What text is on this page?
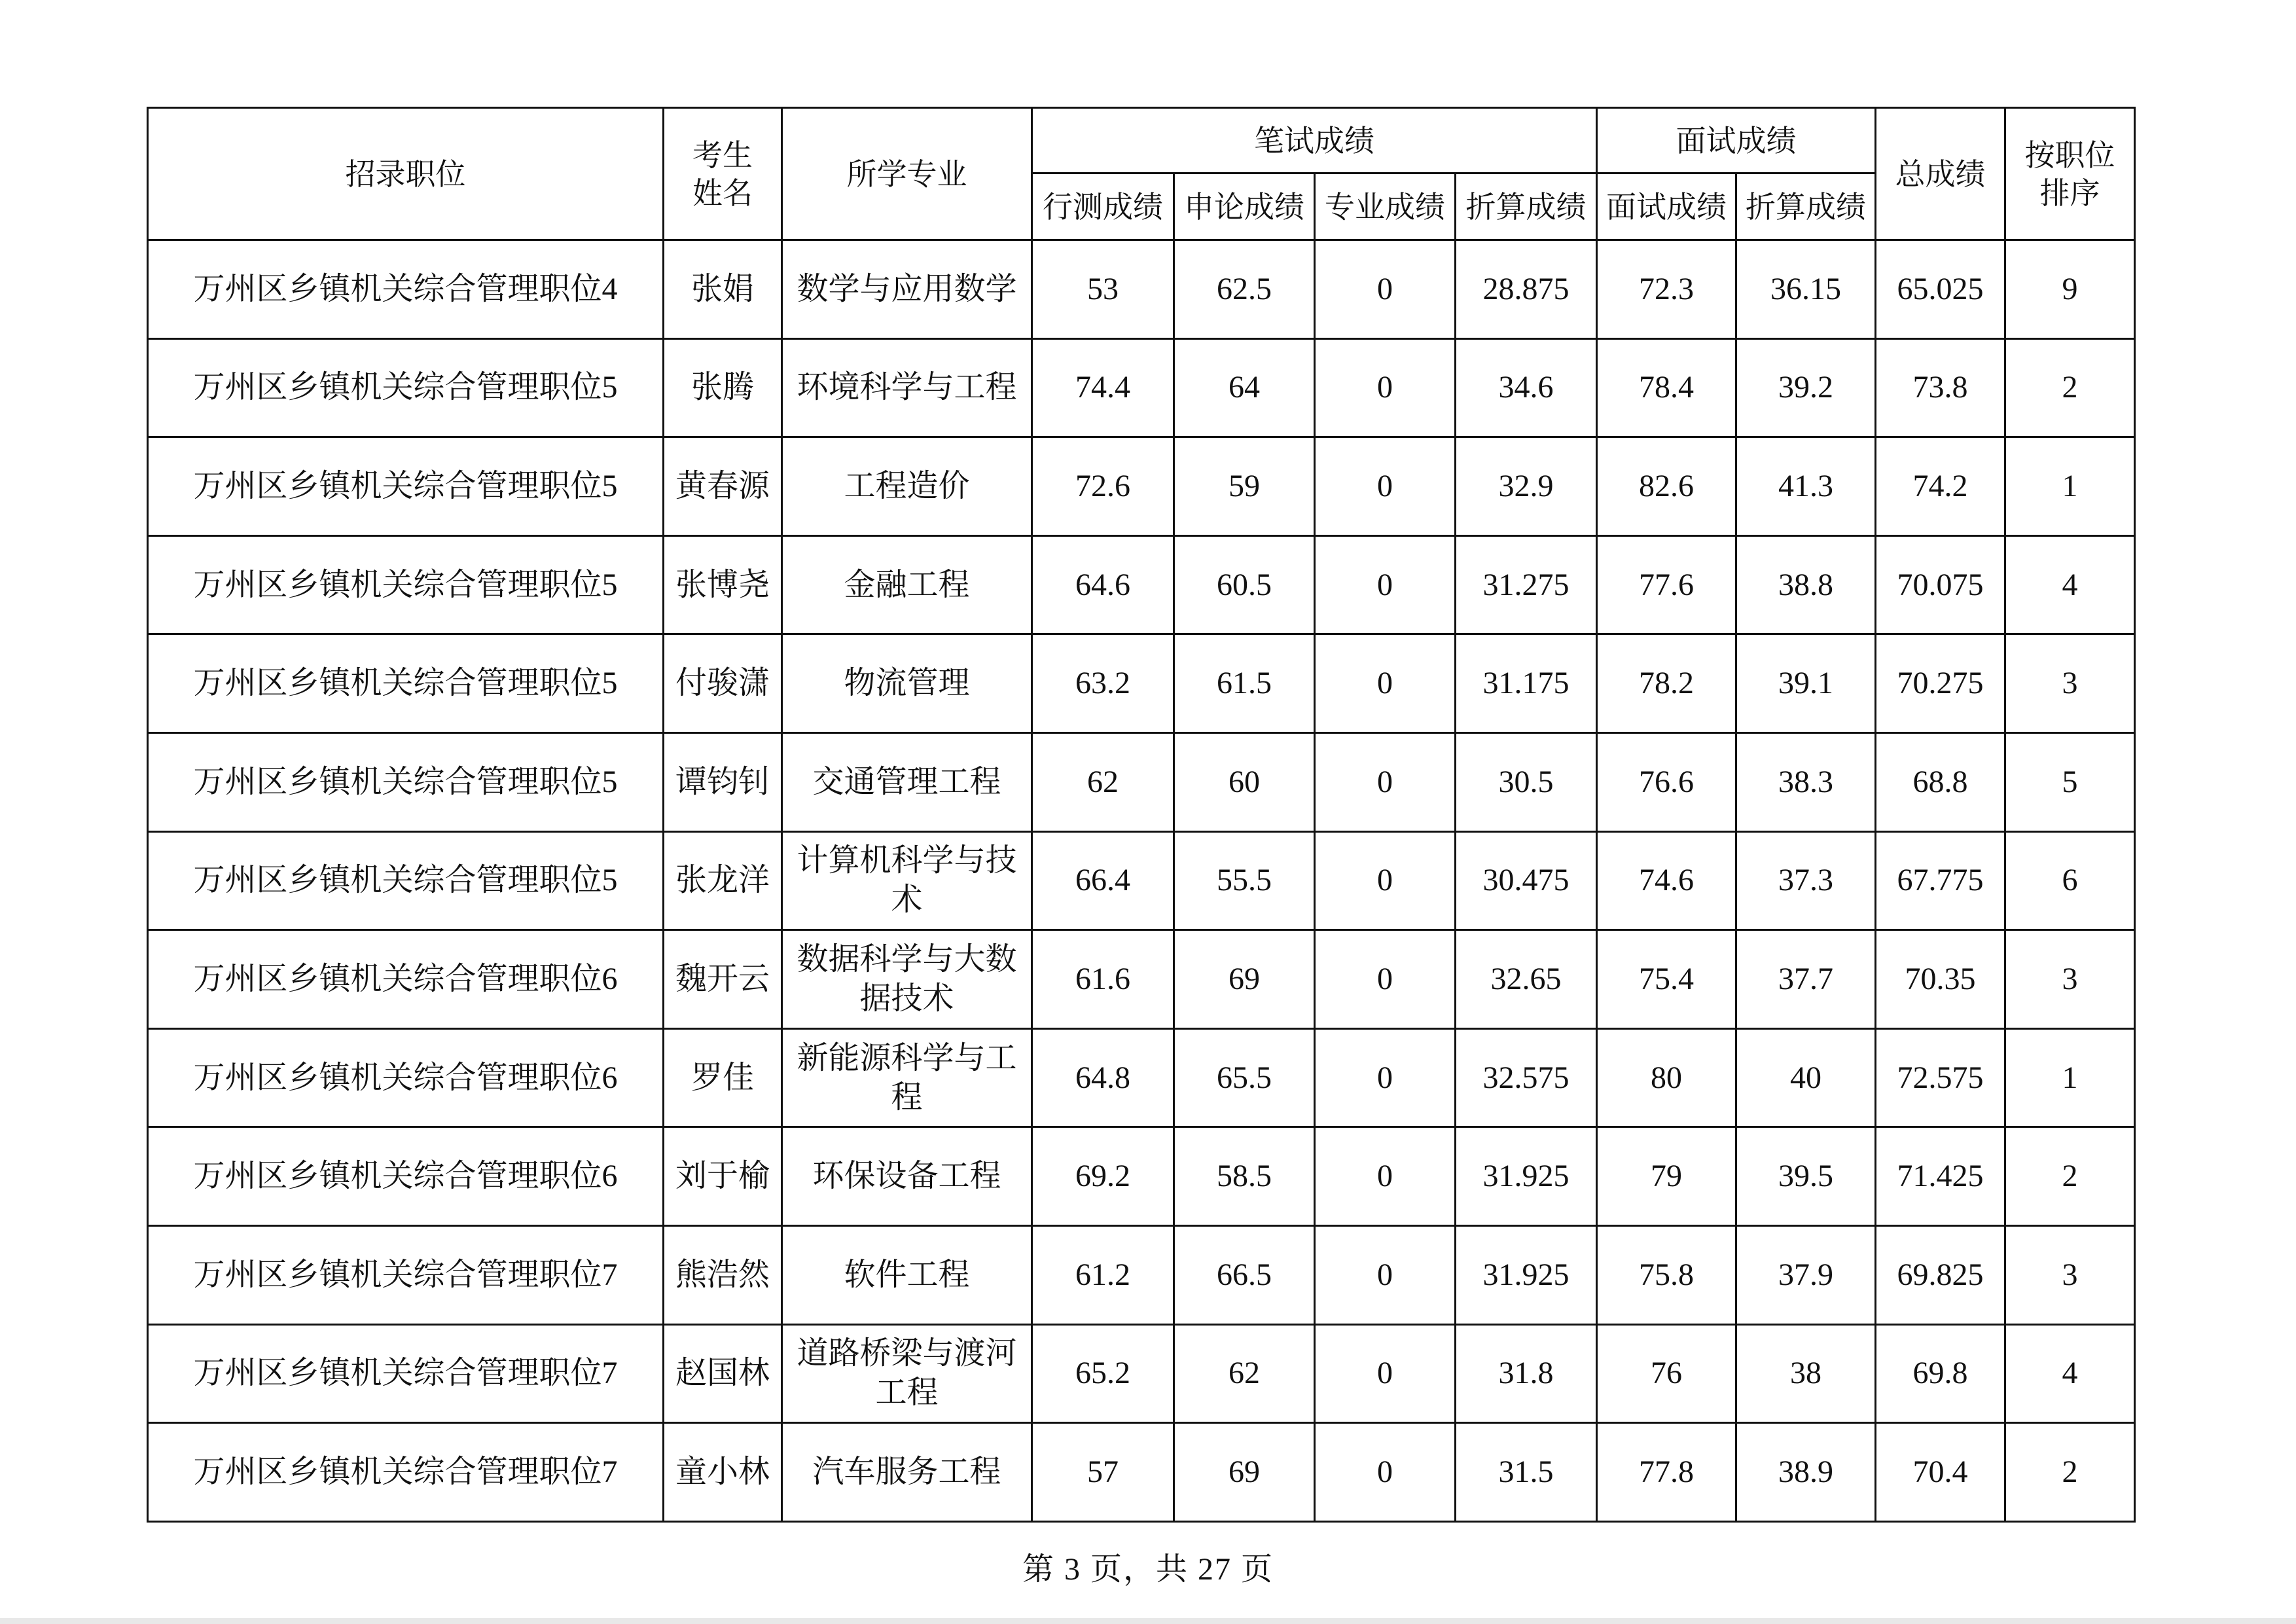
招录职位	考生姓名	所学专业	笔试成绩				面试成绩		总成绩	按职位排序
			行测成绩	申论成绩	专业成绩	折算成绩	面试成绩	折算成绩		
万州区乡镇机关综合管理职位4	张娟	数学与应用数学	53	62.5	0	28.875	72.3	36.15	65.025	9
万州区乡镇机关综合管理职位5	张腾	环境科学与工程	74.4	64	0	34.6	78.4	39.2	73.8	2
万州区乡镇机关综合管理职位5	黄春源	工程造价	72.6	59	0	32.9	82.6	41.3	74.2	1
万州区乡镇机关综合管理职位5	张博尧	金融工程	64.6	60.5	0	31.275	77.6	38.8	70.075	4
万州区乡镇机关综合管理职位5	付骏潇	物流管理	63.2	61.5	0	31.175	78.2	39.1	70.275	3
万州区乡镇机关综合管理职位5	谭钧钊	交通管理工程	62	60	0	30.5	76.6	38.3	68.8	5
万州区乡镇机关综合管理职位5	张龙洋	计算机科学与技术	66.4	55.5	0	30.475	74.6	37.3	67.775	6
万州区乡镇机关综合管理职位6	魏开云	数据科学与大数据技术	61.6	69	0	32.65	75.4	37.7	70.35	3
万州区乡镇机关综合管理职位6	罗佳	新能源科学与工程	64.8	65.5	0	32.575	80	40	72.575	1
万州区乡镇机关综合管理职位6	刘于榆	环保设备工程	69.2	58.5	0	31.925	79	39.5	71.425	2
万州区乡镇机关综合管理职位7	熊浩然	软件工程	61.2	66.5	0	31.925	75.8	37.9	69.825	3
万州区乡镇机关综合管理职位7	赵国林	道路桥梁与渡河工程	65.2	62	0	31.8	76	38	69.8	4
万州区乡镇机关综合管理职位7	童小林	汽车服务工程	57	69	0	31.5	77.8	38.9	70.4	2
第 3 页，共 27 页
